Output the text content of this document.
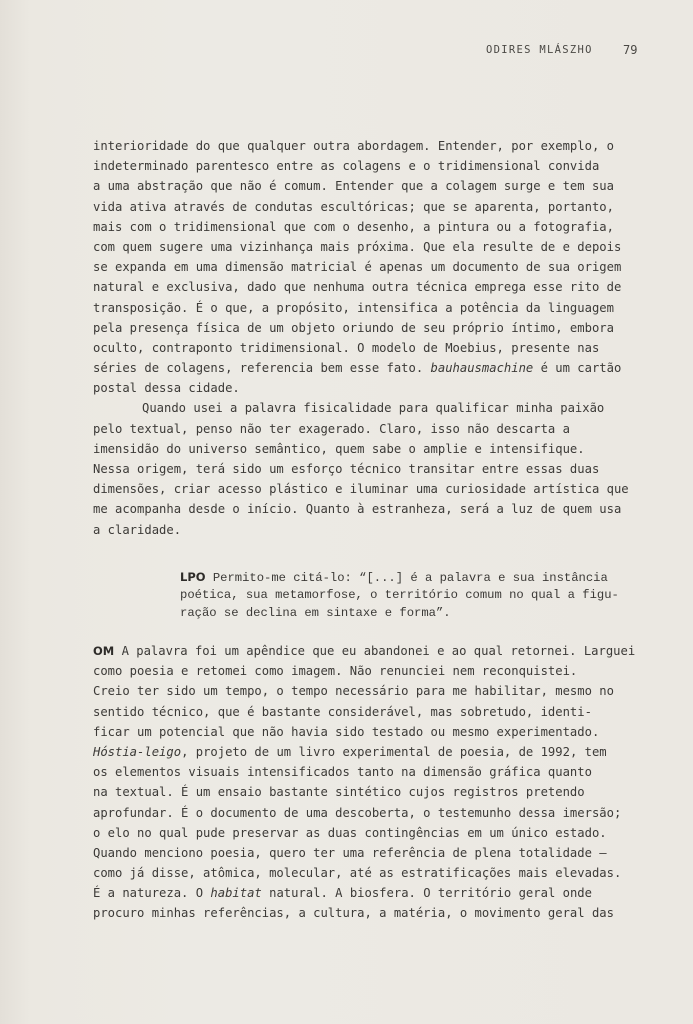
ODIRES MLÁSZHO	79
interioridade do que qualquer outra abordagem. Entender, por exemplo, o
indeterminado parentesco entre as colagens e o tridimensional convida
a uma abstração que não é comum. Entender que a colagem surge e tem sua
vida ativa através de condutas escultóricas; que se aparenta, portanto,
mais com o tridimensional que com o desenho, a pintura ou a fotografia,
com quem sugere uma vizinhança mais próxima. Que ela resulte de e depois
se expanda em uma dimensão matricial é apenas um documento de sua origem
natural e exclusiva, dado que nenhuma outra técnica emprega esse rito de
transposição. É o que, a propósito, intensifica a potência da linguagem
pela presença física de um objeto oriundo de seu próprio íntimo, embora
oculto, contraponto tridimensional. O modelo de Moebius, presente nas
séries de colagens, referencia bem esse fato. bauhausmachine é um cartão
postal dessa cidade.
Quando usei a palavra fisicalidade para qualificar minha paixão
pelo textual, penso não ter exagerado. Claro, isso não descarta a
imensidão do universo semântico, quem sabe o amplie e intensifique.
Nessa origem, terá sido um esforço técnico transitar entre essas duas
dimensões, criar acesso plástico e iluminar uma curiosidade artística que
me acompanha desde o início. Quanto à estranheza, será a luz de quem usa
a claridade.
LPO Permito-me citá-lo: “[...] é a palavra e sua instância
poética, sua metamorfose, o território comum no qual a figu-
ração se declina em sintaxe e forma”.
OM A palavra foi um apêndice que eu abandonei e ao qual retornei. Larguei
como poesia e retomei como imagem. Não renunciei nem reconquistei.
Creio ter sido um tempo, o tempo necessário para me habilitar, mesmo no
sentido técnico, que é bastante considerável, mas sobretudo, identi-
ficar um potencial que não havia sido testado ou mesmo experimentado.
Hóstia-leigo, projeto de um livro experimental de poesia, de 1992, tem
os elementos visuais intensificados tanto na dimensão gráfica quanto
na textual. É um ensaio bastante sintético cujos registros pretendo
aprofundar. É o documento de uma descoberta, o testemunho dessa imersão;
o elo no qual pude preservar as duas contingências em um único estado.
Quando menciono poesia, quero ter uma referência de plena totalidade –
como já disse, atômica, molecular, até as estratificações mais elevadas.
É a natureza. O habitat natural. A biosfera. O território geral onde
procuro minhas referências, a cultura, a matéria, o movimento geral das
